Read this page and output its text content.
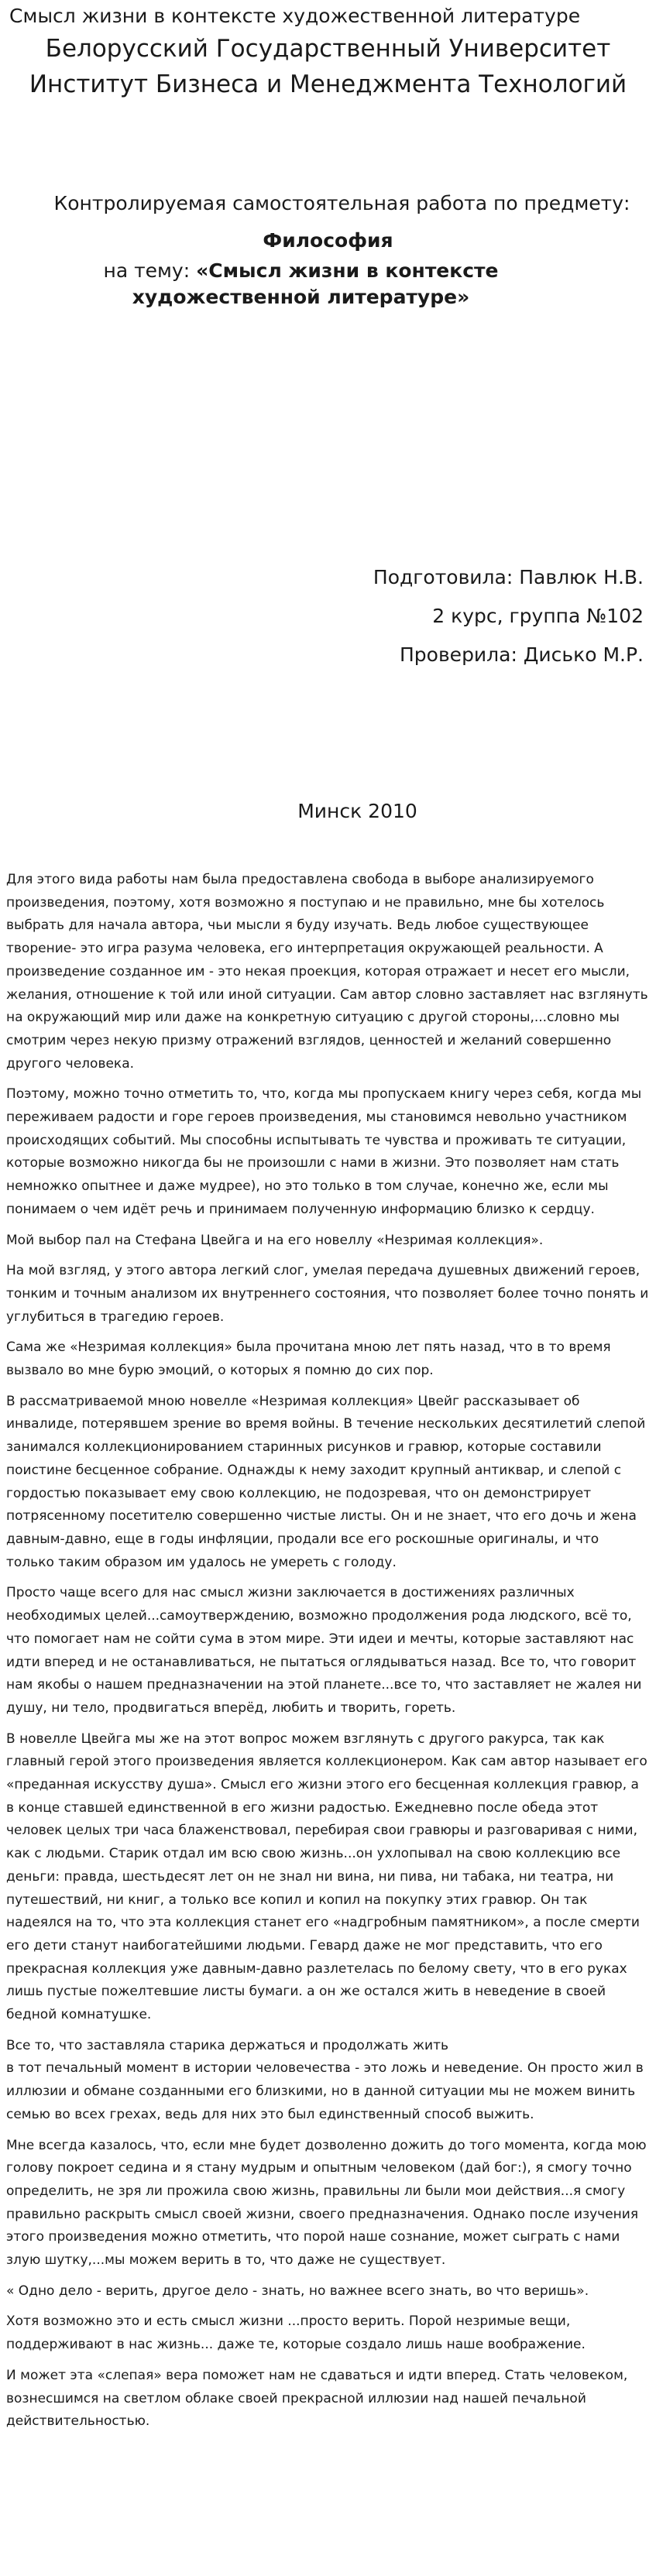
Смысл жизни в контексте художественной литературе
Белорусский Государственный Университет
Институт Бизнеса и Менеджмента Технологий
Контролируемая самостоятельная работа по предмету:
Философия
на тему: «Смысл жизни в контексте художественной литературе»
Подготовила: Павлюк Н.В.
2 курс, группа №102
Проверила: Дисько М.Р.
Минск 2010

Для этого вида работы нам была предоставлена свобода в выборе анализируемого произведения, поэтому, хотя возможно я поступаю и не правильно, мне бы хотелось выбрать для начала автора, чьи мысли я буду изучать. Ведь любое существующее творение- это игра разума человека, его интерпретация окружающей реальности. А произведение созданное им - это некая проекция, которая отражает и несет его мысли, желания, отношение к той или иной ситуации. Сам автор словно заставляет нас взглянуть на окружающий мир или даже на конкретную ситуацию с другой стороны,...словно мы смотрим через некую призму отражений взглядов, ценностей и желаний совершенно другого человека.

Поэтому, можно точно отметить то, что, когда мы пропускаем книгу через себя, когда мы переживаем радости и горе героев произведения, мы становимся невольно участником происходящих событий. Мы способны испытывать те чувства и проживать те ситуации, которые возможно никогда бы не произошли с нами в жизни. Это позволяет нам стать немножко опытнее и даже мудрее), но это только в том случае, конечно же, если мы понимаем о чем идёт речь и принимаем полученную информацию близко к сердцу.

Мой выбор пал на Стефана Цвейга и на его новеллу «Незримая коллекция».

На мой взгляд, у этого автора легкий слог, умелая передача душевных движений героев, тонким и точным анализом их внутреннего состояния, что позволяет более точно понять и углубиться в трагедию героев.

Сама же «Незримая коллекция» была прочитана мною лет пять назад, что в то время вызвало во мне бурю эмоций, о которых я помню до сих пор.

В рассматриваемой мною новелле «Незримая коллекция» Цвейг рассказывает об инвалиде, потерявшем зрение во время войны. В течение нескольких десятилетий слепой занимался коллекционированием старинных рисунков и гравюр, которые составили поистине бесценное собрание. Однажды к нему заходит крупный антиквар, и слепой с гордостью показывает ему свою коллекцию, не подозревая, что он демонстрирует потрясенному посетителю совершенно чистые листы. Он и не знает, что его дочь и жена давным-давно, еще в годы инфляции, продали все его роскошные оригиналы, и что только таким образом им удалось не умереть с голоду.

Просто чаще всего для нас смысл жизни заключается в достижениях различных необходимых целей...самоутверждению, возможно продолжения рода людского, всё то, что помогает нам не сойти сума в этом мире. Эти идеи и мечты, которые заставляют нас идти вперед и не останавливаться, не пытаться оглядываться назад. Все то, что говорит нам якобы о нашем предназначении на этой планете...все то, что заставляет не жалея ни душу, ни тело, продвигаться вперёд, любить и творить, гореть.

В новелле Цвейга мы же на этот вопрос можем взглянуть с другого ракурса, так как главный герой этого произведения является коллекционером. Как сам автор называет его «преданная искусству душа». Смысл его жизни этого его бесценная коллекция гравюр, а в конце ставшей единственной в его жизни радостью. Ежедневно после обеда этот человек целых три часа блаженствовал, перебирая свои гравюры и разговаривая с ними, как с людьми. Старик отдал им всю свою жизнь...он ухлопывал на свою коллекцию все деньги: правда, шестьдесят лет он не знал ни вина, ни пива, ни табака, ни театра, ни путешествий, ни книг, а только все копил и копил на покупку этих гравюр. Он так надеялся на то, что эта коллекция станет его «надгробным памятником», а после смерти его дети станут наибогатейшими людьми. Гевард даже не мог представить, что его прекрасная коллекция уже давным-давно разлетелась по белому свету, что в его руках лишь пустые пожелтевшие листы бумаги. а он же остался жить в неведение в своей бедной комнатушке.

Все то, что заставляла старика держаться и продолжать жить
в тот печальный момент в истории человечества - это ложь и неведение. Он просто жил в иллюзии и обмане созданными его близкими, но в данной ситуации мы не можем винить семью во всех грехах, ведь для них это был единственный способ выжить.

Мне всегда казалось, что, если мне будет дозволенно дожить до того момента, когда мою голову покроет седина и я стану мудрым и опытным человеком (дай бог:), я смогу точно определить, не зря ли прожила свою жизнь, правильны ли были мои действия...я смогу правильно раскрыть смысл своей жизни, своего предназначения. Однако после изучения этого произведения можно отметить, что порой наше сознание, может сыграть с нами злую шутку,...мы можем верить в то, что даже не существует.

« Одно дело - верить, другое дело - знать, но важнее всего знать, во что веришь».

Хотя возможно это и есть смысл жизни ...просто верить. Порой незримые вещи, поддерживают в нас жизнь... даже те, которые создало лишь наше воображение.

И может эта «слепая» вера поможет нам не сдаваться и идти вперед. Стать человеком, вознесшимся на светлом облаке своей прекрасной иллюзии над нашей печальной действительностью.
